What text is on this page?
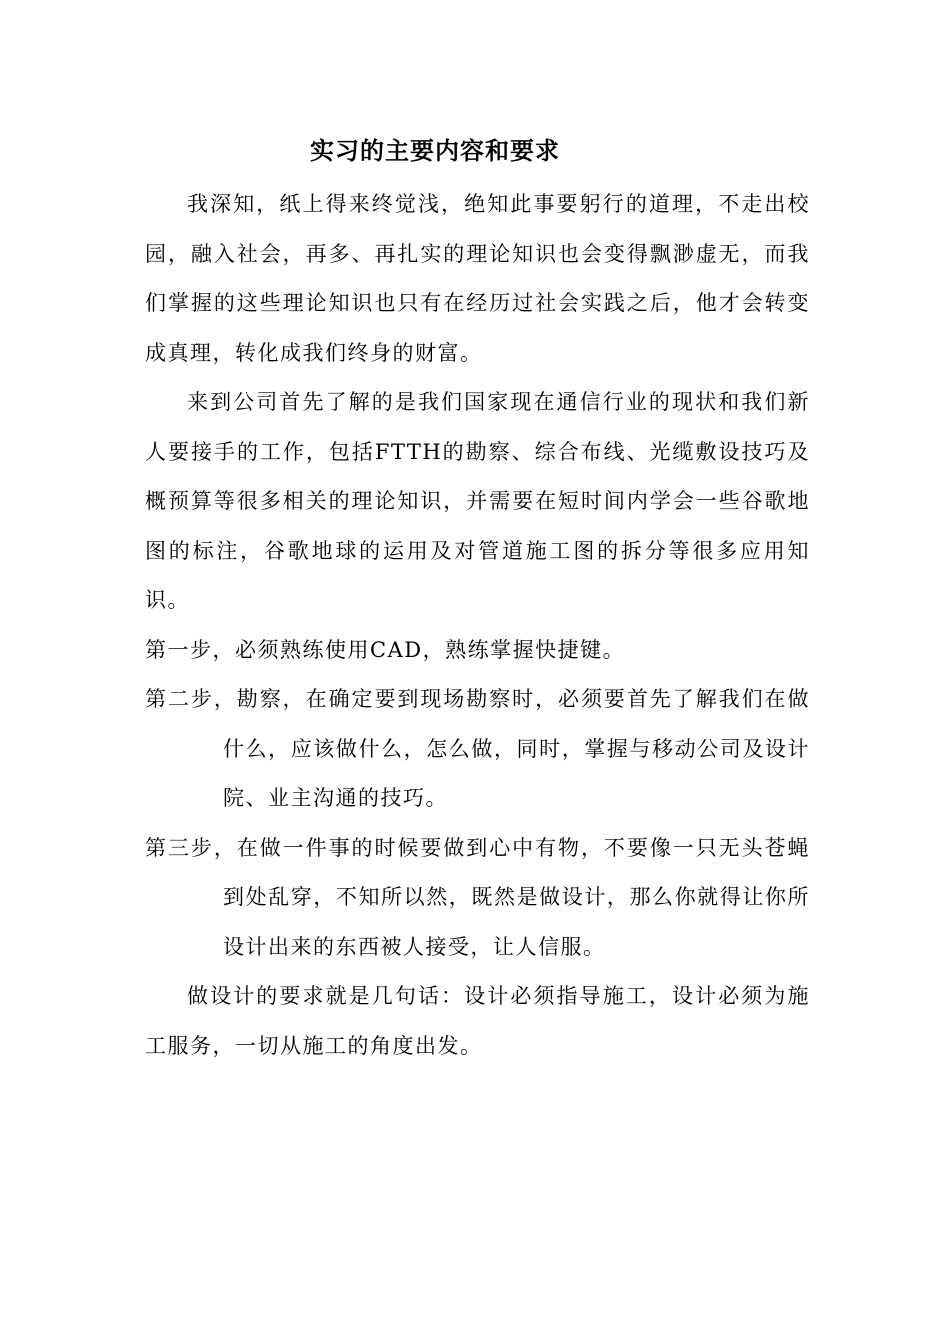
实习的主要内容和要求

我深知，纸上得来终觉浅，绝知此事要躬行的道理，不走出校园，融入社会，再多、再扎实的理论知识也会变得飘渺虚无，而我们掌握的这些理论知识也只有在经历过社会实践之后，他才会转变成真理，转化成我们终身的财富。

来到公司首先了解的是我们国家现在通信行业的现状和我们新人要接手的工作，包括FTTH的勘察、综合布线、光缆敷设技巧及概预算等很多相关的理论知识，并需要在短时间内学会一些谷歌地图的标注，谷歌地球的运用及对管道施工图的拆分等很多应用知识。

第一步，必须熟练使用CAD，熟练掌握快捷键。

第二步，勘察，在确定要到现场勘察时，必须要首先了解我们在做什么，应该做什么，怎么做，同时，掌握与移动公司及设计院、业主沟通的技巧。

第三步，在做一件事的时候要做到心中有物，不要像一只无头苍蝇到处乱穿，不知所以然，既然是做设计，那么你就得让你所设计出来的东西被人接受，让人信服。

做设计的要求就是几句话：设计必须指导施工，设计必须为施工服务，一切从施工的角度出发。
